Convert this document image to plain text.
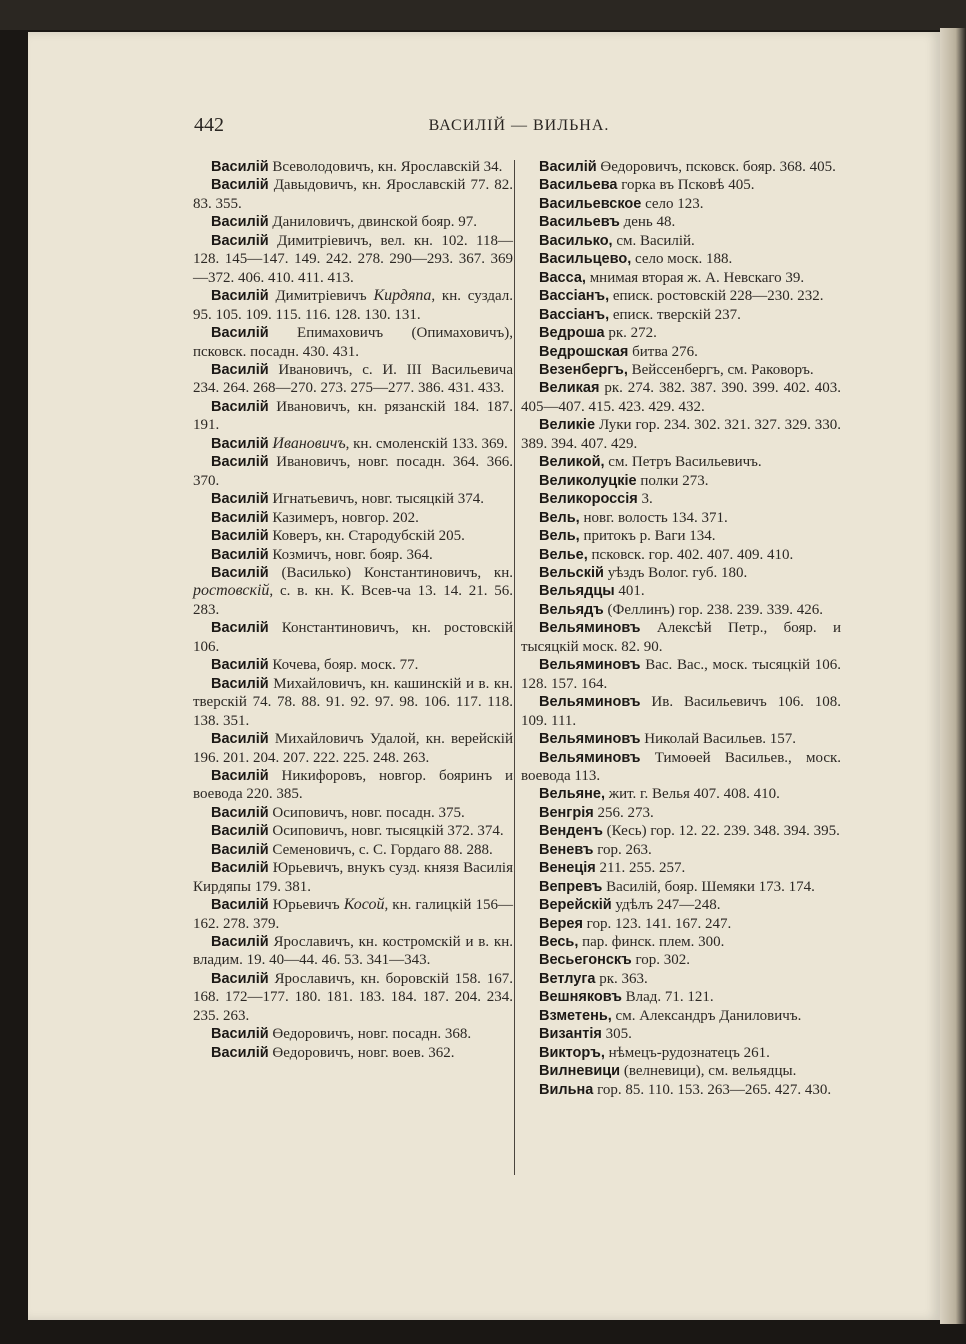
442	ВАСИЛІЙ — ВИЛЬНА.

Василій Всеволодовичъ, кн. Ярославскій 34.

Василій Давыдовичъ, кн. Ярославскій 77. 82. 83. 355.

Василій Даниловичъ, двинской бояр. 97.

Василій Димитріевичъ, вел. кн. 102. 118—128. 145—147. 149. 242. 278. 290—293. 367. 369—372. 406. 410. 411. 413.

Василій Димитріевичъ Кирдяпа, кн. суздал. 95. 105. 109. 115. 116. 128. 130. 131.

Василій Епимаховичъ (Опимаховичъ), псковск. посадн. 430. 431.

Василій Ивановичъ, с. И. III Васильевича 234. 264. 268—270. 273. 275—277. 386. 431. 433.

Василій Ивановичъ, кн. рязанскій 184. 187. 191.

Василій Ивановичъ, кн. смоленскій 133. 369.

Василій Ивановичъ, новг. посадн. 364. 366. 370.

Василій Игнатьевичъ, новг. тысяцкій 374.

Василій Казимеръ, новгор. 202.

Василій Коверъ, кн. Стародубскій 205.

Василій Козмичъ, новг. бояр. 364.

Василій (Василько) Константиновичъ, кн. ростовскій, с. в. кн. К. Всев-ча 13. 14. 21. 56. 283.

Василій Константиновичъ, кн. ростовскій 106.

Василій Кочева, бояр. моск. 77.

Василій Михайловичъ, кн. кашинскій и в. кн. тверскій 74. 78. 88. 91. 92. 97. 98. 106. 117. 118. 138. 351.

Василій Михайловичъ Удалой, кн. верейскій 196. 201. 204. 207. 222. 225. 248. 263.

Василій Никифоровъ, новгор. бояринъ и воевода 220. 385.

Василій Осиповичъ, новг. посадн. 375.

Василій Осиповичъ, новг. тысяцкій 372. 374.

Василій Семеновичъ, с. С. Гордаго 88. 288.

Василій Юрьевичъ, внукъ сузд. князя Василія Кирдяпы 179. 381.

Василій Юрьевичъ Косой, кн. галицкій 156—162. 278. 379.

Василій Ярославичъ, кн. костромскій и в. кн. владим. 19. 40—44. 46. 53. 341—343.

Василій Ярославичъ, кн. боровскій 158. 167. 168. 172—177. 180. 181. 183. 184. 187. 204. 234. 235. 263.

Василій Өедоровичъ, новг. посадн. 368.

Василій Өедоровичъ, новг. воев. 362.

Василій Өедоровичъ, псковск. бояр. 368. 405.

Васильева горка въ Псковѣ 405.

Васильевское село 123.

Васильевъ день 48.

Василько, см. Василій.

Васильцево, село моск. 188.

Васса, мнимая вторая ж. А. Невскаго 39.

Вассіанъ, еписк. ростовскій 228—230. 232.

Вассіанъ, еписк. тверскій 237.

Ведроша рк. 272.

Ведрошская битва 276.

Везенбергъ, Вейссенбергъ, см. Раковоръ.

Великая рк. 274. 382. 387. 390. 399. 402. 403. 405—407. 415. 423. 429. 432.

Великіе Луки гор. 234. 302. 321. 327. 329. 330. 389. 394. 407. 429.

Великой, см. Петръ Васильевичъ.

Великолуцкіе полки 273.

Великороссія 3.

Вель, новг. волость 134. 371.

Вель, притокъ р. Ваги 134.

Велье, псковск. гор. 402. 407. 409. 410.

Вельскій уѣздъ Волог. губ. 180.

Вельядцы 401.

Вельядъ (Феллинъ) гор. 238. 239. 339. 426.

Вельяминовъ Алексѣй Петр., бояр. и тысяцкій моск. 82. 90.

Вельяминовъ Вас. Вас., моск. тысяцкій 106. 128. 157. 164.

Вельяминовъ Ив. Васильевичъ 106. 108. 109. 111.

Вельяминовъ Николай Васильев. 157.

Вельяминовъ Тимоөей Васильев., моск. воевода 113.

Вельяне, жит. г. Велья 407. 408. 410.

Венгрія 256. 273.

Венденъ (Кесь) гор. 12. 22. 239. 348. 394. 395.

Веневъ гор. 263.

Венеція 211. 255. 257.

Вепревъ Василій, бояр. Шемяки 173. 174.

Верейскій удѣлъ 247—248.

Верея гор. 123. 141. 167. 247.

Весь, пар. финск. плем. 300.

Весьегонскъ гор. 302.

Ветлуга рк. 363.

Вешняковъ Влад. 71. 121.

Взметень, см. Александръ Даниловичъ.

Византія 305.

Викторъ, нѣмецъ-рудознатецъ 261.

Вилневици (велневици), см. вельядцы.

Вильна гор. 85. 110. 153. 263—265. 427. 430.
